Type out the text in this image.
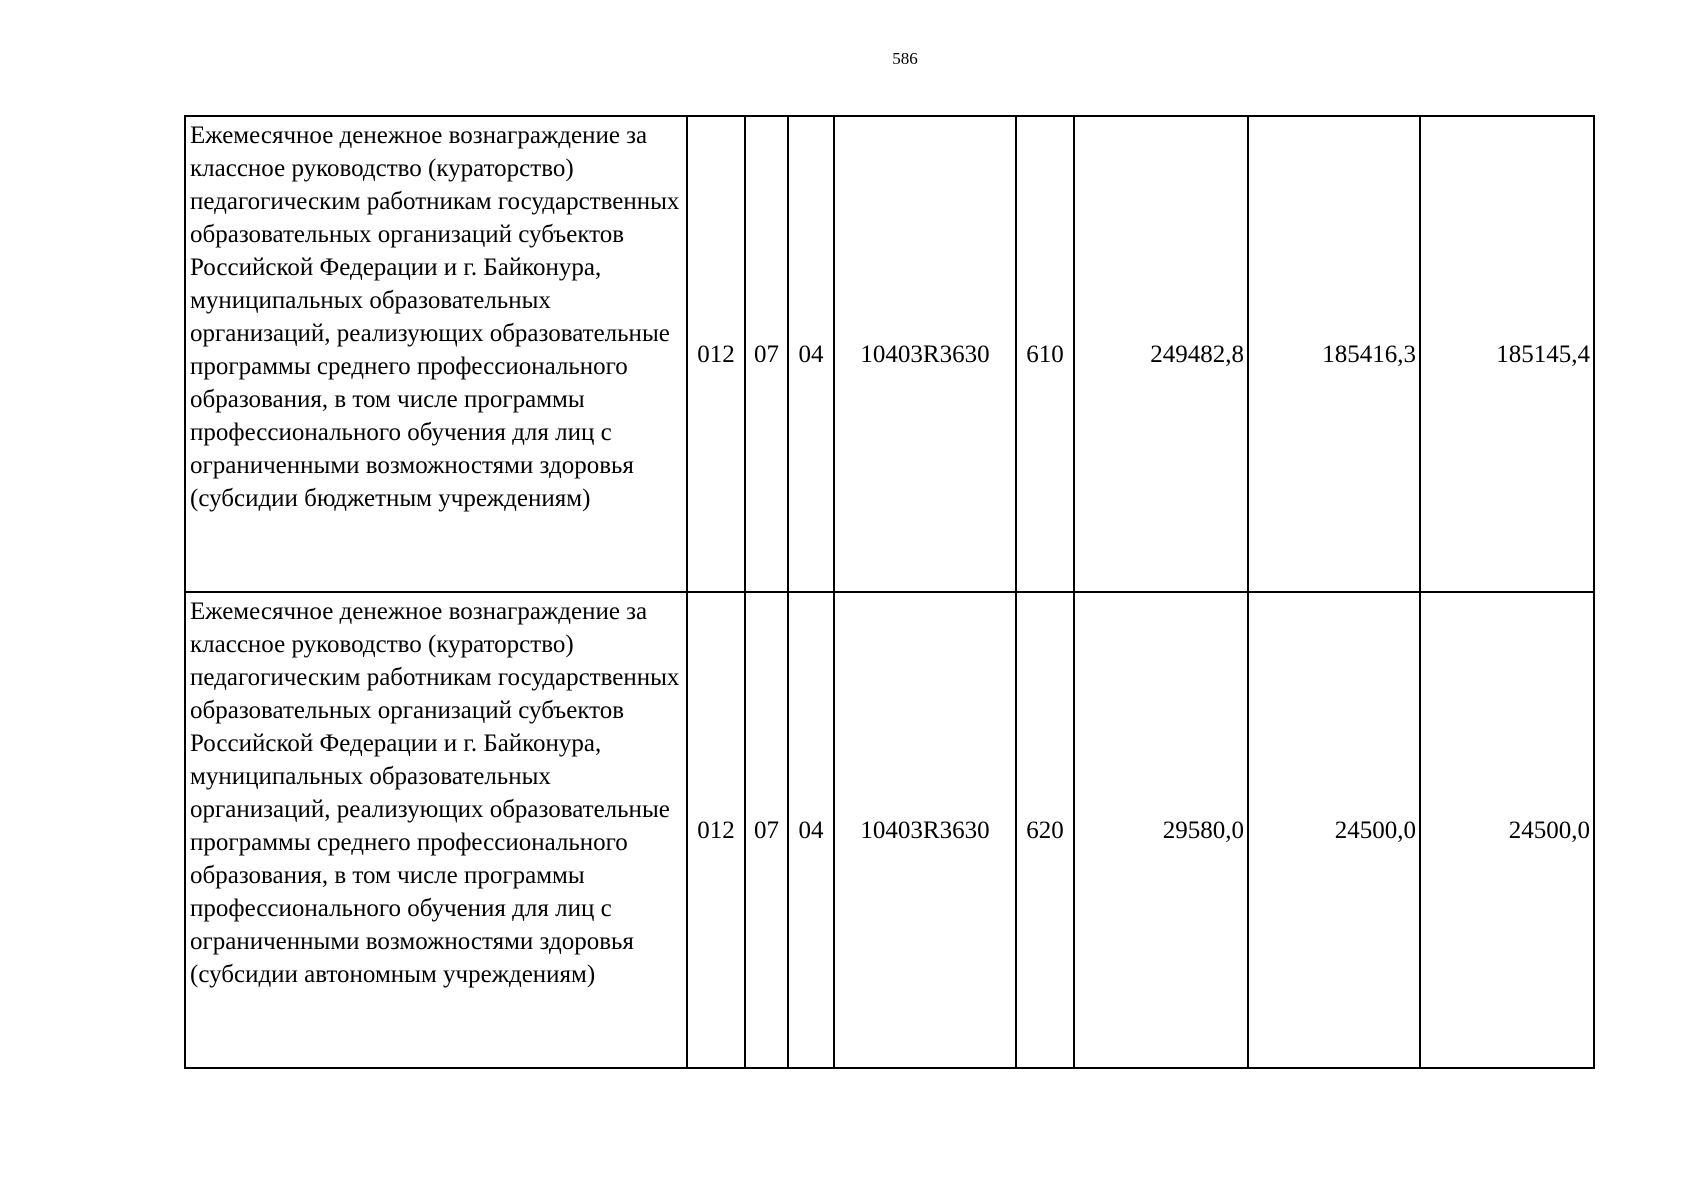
586
Ежемесячное денежное вознаграждение за классное руководство (кураторство) педагогическим работникам государственных образовательных организаций субъектов Российской Федерации и г. Байконура, муниципальных образовательных организаций, реализующих образовательные программы среднего профессионального образования, в том числе программы профессионального обучения для лиц с ограниченными возможностями здоровья (субсидии бюджетным учреждениям)	012	07	04	10403R3630	610	249482,8	185416,3	185145,4
Ежемесячное денежное вознаграждение за классное руководство (кураторство) педагогическим работникам государственных образовательных организаций субъектов Российской Федерации и г. Байконура, муниципальных образовательных организаций, реализующих образовательные программы среднего профессионального образования, в том числе программы профессионального обучения для лиц с ограниченными возможностями здоровья (субсидии автономным учреждениям)	012	07	04	10403R3630	620	29580,0	24500,0	24500,0
